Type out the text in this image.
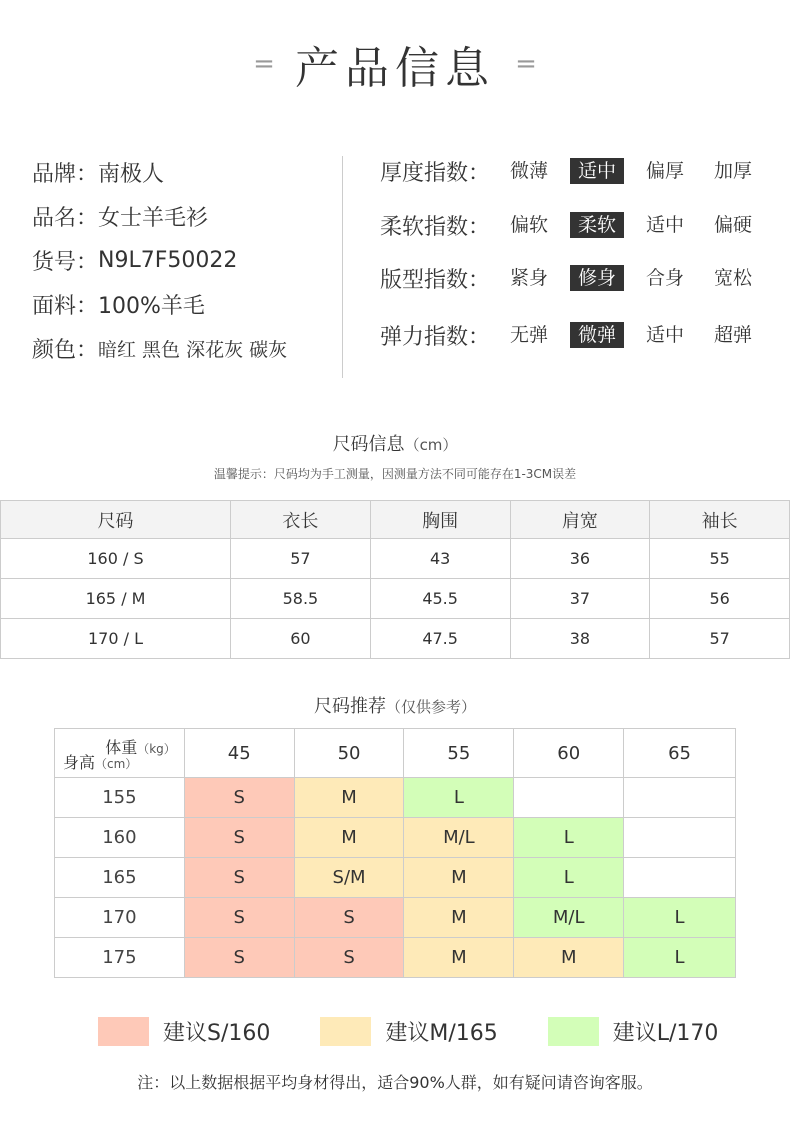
= 产品信息 =
品牌： 南极人
品名： 女士羊毛衫
货号： N9L7F50022
面料： 100%羊毛
颜色： 暗红 黑色 深花灰 碳灰
厚度指数：	微薄	适中	偏厚	加厚
柔软指数：	偏软	柔软	适中	偏硬
版型指数：	紧身	修身	合身	宽松
弹力指数：	无弹	微弹	适中	超弹
尺码信息（cm）
温馨提示：尺码均为手工测量，因测量方法不同可能存在1-3CM误差
尺码	衣长	胸围	肩宽	袖长
160 / S	57	43	36	55
165 / M	58.5	45.5	37	56
170 / L	60	47.5	38	57
尺码推荐（仅供参考）
体重（kg）
身高（cm）	45	50	55	60	65
155	S	M	L		
160	S	M	M/L	L	
165	S	S/M	M	L	
170	S	S	M	M/L	L
175	S	S	M	M	L
建议S/160	建议M/165	建议L/170
注：以上数据根据平均身材得出，适合90%人群，如有疑问请咨询客服。
